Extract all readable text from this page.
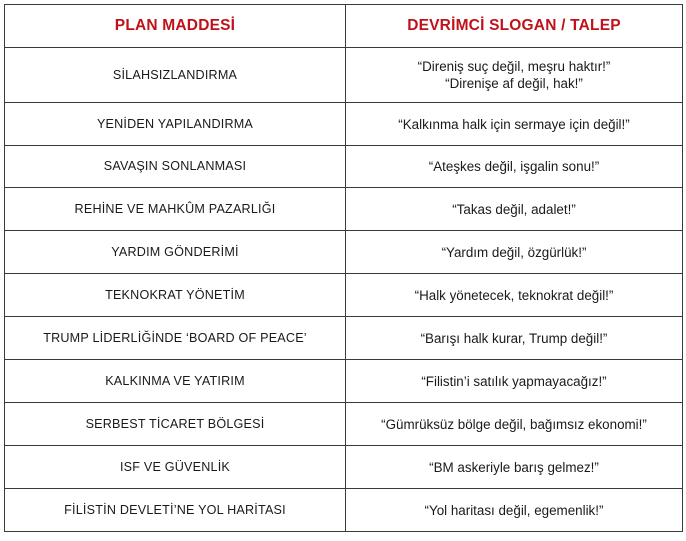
PLAN MADDESİ	DEVRİMCİ SLOGAN / TALEP
SİLAHSIZLANDIRMA	“Direniş suç değil, meşru haktır!”
“Direnişe af değil, hak!”

YENİDEN YAPILANDIRMA	“Kalkınma halk için sermaye için değil!”

SAVAŞIN SONLANMASI	“Ateşkes değil, işgalin sonu!”

REHİNE VE MAHKÛM PAZARLIĞI	“Takas değil, adalet!”

YARDIM GÖNDERİMİ	“Yardım değil, özgürlük!”

TEKNOKRAT YÖNETİM	“Halk yönetecek, teknokrat değil!”

TRUMP LİDERLİĞİNDE ‘BOARD OF PEACE’	“Barışı halk kurar, Trump değil!”

KALKINMA VE YATIRIM	“Filistin’i satılık yapmayacağız!”

SERBEST TİCARET BÖLGESİ	“Gümrüksüz bölge değil, bağımsız ekonomi!”

ISF VE GÜVENLİK	“BM askeriyle barış gelmez!”

FİLİSTİN DEVLETİ’NE YOL HARİTASI	“Yol haritası değil, egemenlik!”
